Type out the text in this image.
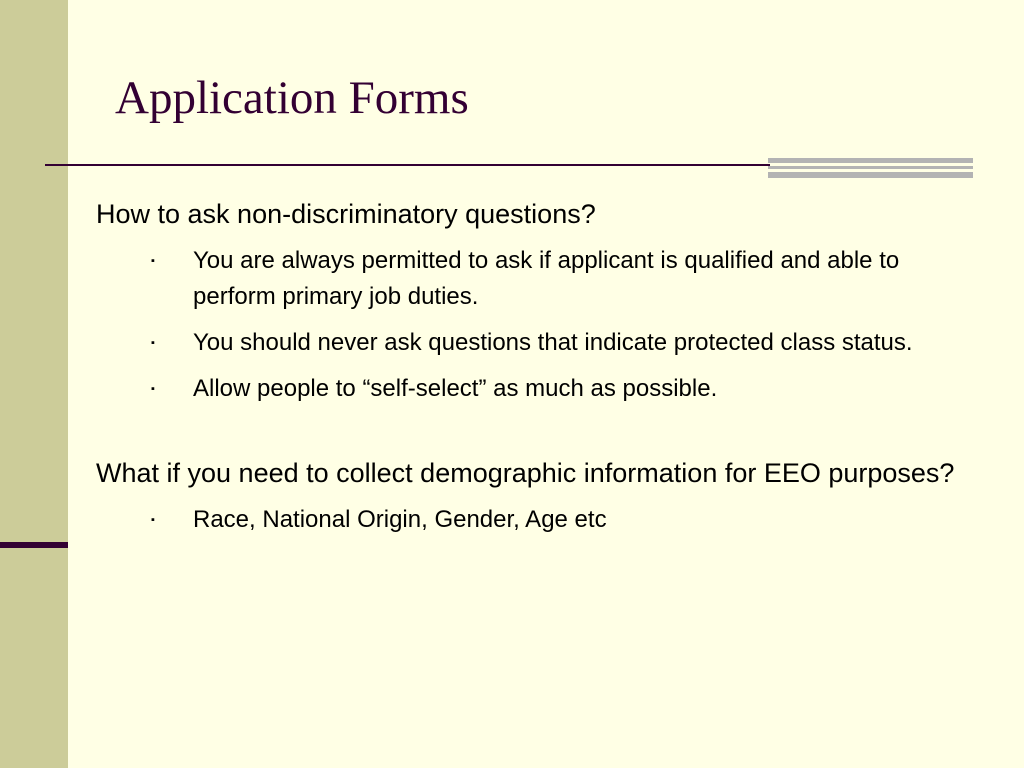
Application Forms

How to ask non-discriminatory questions?

▪ You are always permitted to ask if applicant is qualified and able to perform primary job duties.
▪ You should never ask questions that indicate protected class status.
▪ Allow people to “self-select” as much as possible.

What if you need to collect demographic information for EEO purposes?

▪ Race, National Origin, Gender, Age etc
